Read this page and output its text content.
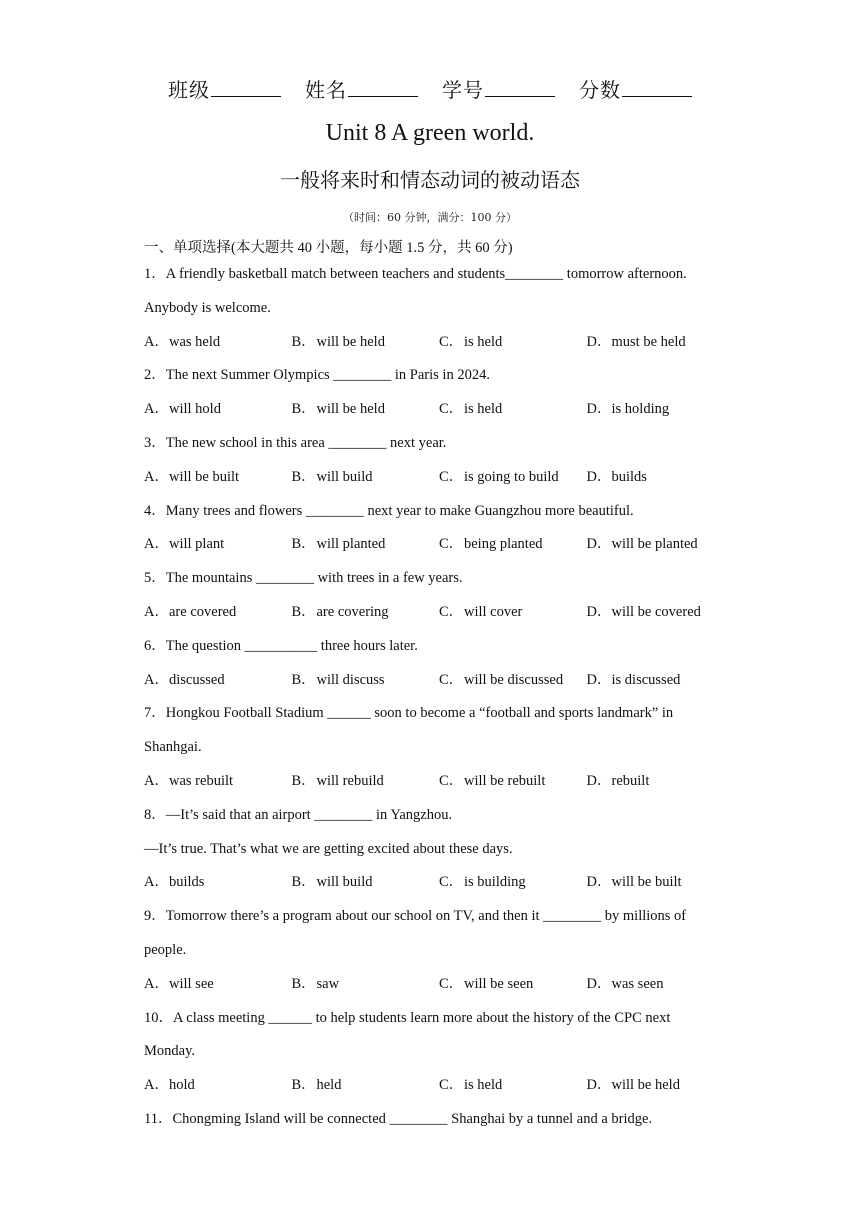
班级	姓名	学号	分数
Unit 8 A green world.
一般将来时和情态动词的被动语态
（时间：60 分钟，满分：100 分）
一、单项选择(本大题共 40 小题，每小题 1.5 分，共 60 分)
1．A friendly basketball match between teachers and students________ tomorrow afternoon.
Anybody is welcome.
A．was held	B．will be held	C．is held	D．must be held
2．The next Summer Olympics ________ in Paris in 2024.
A．will hold	B．will be held	C．is held	D．is holding
3．The new school in this area ________ next year.
A．will be built	B．will build	C．is going to build	D．builds
4．Many trees and flowers ________ next year to make Guangzhou more beautiful.
A．will plant	B．will planted	C．being planted	D．will be planted
5．The mountains ________ with trees in a few years.
A．are covered	B．are covering	C．will cover	D．will be covered
6．The question __________ three hours later.
A．discussed	B．will discuss	C．will be discussed	D．is discussed
7．Hongkou Football Stadium ______ soon to become a “football and sports landmark” in
Shanhgai.
A．was rebuilt	B．will rebuild	C．will be rebuilt	D．rebuilt
8．—It’s said that an airport ________ in Yangzhou.
—It’s true. That’s what we are getting excited about these days.
A．builds	B．will build	C．is building	D．will be built
9．Tomorrow there’s a program about our school on TV, and then it ________ by millions of
people.
A．will see	B．saw	C．will be seen	D．was seen
10．A class meeting ______ to help students learn more about the history of the CPC next
Monday.
A．hold	B．held	C．is held	D．will be held
11．Chongming Island will be connected ________ Shanghai by a tunnel and a bridge.
